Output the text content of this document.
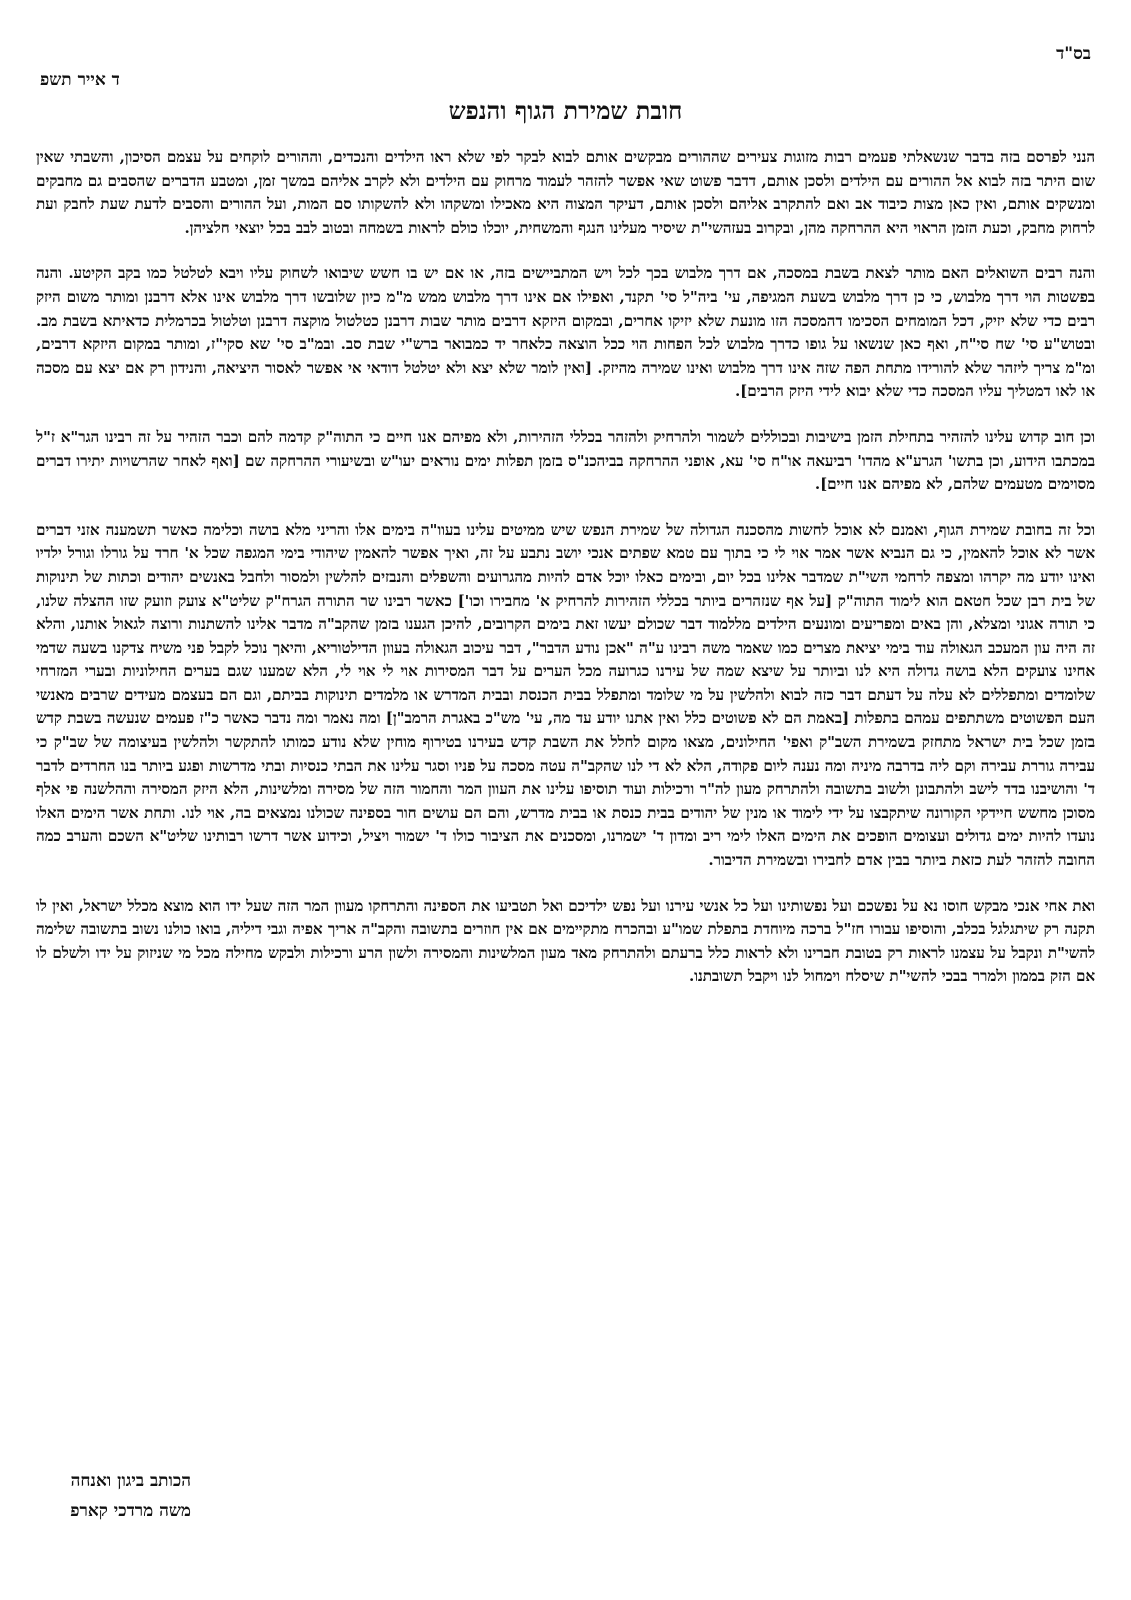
בס"ד
ד אייר תשפ
חובת שמירת הגוף והנפש

הנני לפרסם בזה בדבר שנשאלתי פעמים רבות מזוגות צעירים שההורים מבקשים אותם לבוא לבקר לפי שלא ראו הילדים והנכדים, וההורים לוקחים על עצמם הסיכון, והשבתי שאין שום היתר בזה לבוא אל ההורים עם הילדים ולסכן אותם, דדבר פשוט שאי אפשר להזהר לעמוד מרחוק עם הילדים ולא לקרב אליהם במשך זמן, ומטבע הדברים שהסבים גם מחבקים ומנשקים אותם, ואין כאן מצות כיבוד אב ואם להתקרב אליהם ולסכן אותם, דעיקר המצוה היא מאכילו ומשקהו ולא להשקותו סם המות, ועל ההורים והסבים לדעת שעת לחבק ועת לרחוק מחבק, וכעת הזמן הראוי היא ההרחקה מהן, ובקרוב בעזהשי"ת שיסיר מעלינו הנגף והמשחית, יוכלו כולם לראות בשמחה ובטוב לבב בכל יוצאי חלציהן.

והנה רבים השואלים האם מותר לצאת בשבת במסכה, אם דרך מלבוש בכך לכל ויש המתביישים בזה, או אם יש בו חשש שיבואו לשחוק עליו ויבא לטלטל כמו בקב הקיטע. והנה בפשטות הוי דרך מלבוש, כי כן דרך מלבוש בשעת המגיפה, עי' ביה"ל סי' תקנד, ואפילו אם אינו דרך מלבוש ממש מ"מ כיון שלובשו דרך מלבוש אינו אלא דרבנן ומותר משום היזק רבים כדי שלא יזיק, דכל המומחים הסכימו דהמסכה הזו מונעת שלא יזיקו אחרים, ובמקום היזקא דרבים מותר שבות דרבנן כטלטול מוקצה דרבנן וטלטול בכרמלית כדאיתא בשבת מב. ובטוש"ע סי' שח סי"ח, ואף כאן שנשאו על גופו כדרך מלבוש לכל הפחות הוי ככל הוצאה כלאחר יד כמבואר ברש"י שבת סב. ובמ"ב סי' שא סקי"ז, ומותר במקום היזקא דרבים, ומ"מ צריך ליזהר שלא להורידו מתחת הפה שזה אינו דרך מלבוש ואינו שמירה מהיזק. [ואין לומר שלא יצא ולא יטלטל דודאי אי אפשר לאסור היציאה, והנידון רק אם יצא עם מסכה או לאו דמטליך עליו המסכה כדי שלא יבוא לידי היזק הרבים].

וכן חוב קדוש עלינו להזהיר בתחילת הזמן בישיבות ובכוללים לשמור ולהרחיק ולהזהר בכללי הזהירות, ולא מפיהם אנו חיים כי התוה"ק קדמה להם וכבר הזהיר על זה רבינו הגר"א ז"ל במכתבו הידוע, וכן בתשו' הגרע"א מהדו' רביעאה או"ח סי' עא, אופני ההרחקה בביהכנ"ס בזמן תפלות ימים נוראים יעו"ש ובשיעורי ההרחקה שם [ואף לאחר שהרשויות יתירו דברים מסוימים מטעמים שלהם, לא מפיהם אנו חיים].

וכל זה בחובת שמירת הגוף, ואמנם לא אוכל לחשות מהסכנה הגדולה של שמירת הנפש שיש ממיטים עלינו בעוו"ה בימים אלו והריני מלא בושה וכלימה כאשר תשמענה אזני דברים אשר לא אוכל להאמין, כי גם הנביא אשר אמר אוי לי כי בתוך עם טמא שפתים אנכי יושב נתבע על זה, ואיך אפשר להאמין שיהודי בימי המגפה שכל א' חרד על גורלו וגורל ילדיו ואינו יודע מה יקרהו ומצפה לרחמי השי"ת שמדבר אלינו בכל יום, ובימים כאלו יוכל אדם להיות מהגרועים והשפלים והנבזים להלשין ולמסור ולחבל באנשים יהודים וכתות של תינוקות של בית רבן שכל חטאם הוא לימוד התוה"ק [על אף שנזהרים ביותר בכללי הזהירות להרחיק א' מחבירו וכו'] כאשר רבינו שר התורה הגרח"ק שליט"א צועק וזועק שזו ההצלה שלנו, כי תורה אגוני ומצלא, והן באים ומפריעים ומונעים הילדים מללמוד דבר שכולם יעשו זאת בימים הקרובים, להיכן הגענו בזמן שהקב"ה מדבר אלינו להשתנות ורוצה לגאול אותנו, והלא זה היה עון המעכב הגאולה עוד בימי יציאת מצרים כמו שאמר משה רבינו ע"ה "אכן נודע הדבר", דבר עיכוב הגאולה בעוון הדילטוריא, והיאך נוכל לקבל פני משיח צדקנו בשעה שדמי אחינו צועקים הלא בושה גדולה היא לנו וביותר על שיצא שמה של עירנו כגרועה מכל הערים על דבר המסירות אוי לי אוי לי, הלא שמענו שגם בערים החילוניות ובערי המזרחי שלומדים ומתפללים לא עלה על דעתם דבר כזה לבוא ולהלשין על מי שלומד ומתפלל בבית הכנסת ובבית המדרש או מלמדים תינוקות בביתם, וגם הם בעצמם מעידים שרבים מאנשי העם הפשוטים משתתפים עמהם בתפלות [באמת הם לא פשוטים כלל ואין אתנו יודע עד מה, עי' מש"כ באגרת הרמב"ן] ומה נאמר ומה נדבר כאשר כ"ז פעמים שנעשה בשבת קדש בזמן שכל בית ישראל מתחזק בשמירת השב"ק ואפי' החילונים, מצאו מקום לחלל את השבת קדש בעירנו בטירוף מוחין שלא נודע כמותו להתקשר ולהלשין בעיצומה של שב"ק כי עבירה גוררת עבירה וקם ליה בדרבה מיניה ומה נענה ליום פקודה, הלא לא די לנו שהקב"ה עטה מסכה על פניו וסגר עלינו את הבתי כנסיות ובתי מדרשות ופגע ביותר בנו החרדים לדבר ד' והושיבנו בדד לישב ולהתבונן ולשוב בתשובה ולהתרחק מעון לה"ר ורכילות ועוד תוסיפו עלינו את העוון המר והחמור הזה של מסירה ומלשינות, הלא היזק המסירה וההלשנה פי אלף מסוכן מחשש חיידקי הקורונה שיתקבצו על ידי לימוד או מנין של יהודים בבית כנסת או בבית מדרש, והם הם עושים חור בספינה שכולנו נמצאים בה, אוי לנו. ותחת אשר הימים האלו נועדו להיות ימים גדולים ועצומים הופכים את הימים האלו לימי ריב ומדון ד' ישמרנו, ומסכנים את הציבור כולו ד' ישמור ויציל, וכידוע אשר דרשו רבותינו שליט"א השכם והערב כמה החובה להזהר לעת כזאת ביותר בבין אדם לחבירו ובשמירת הדיבור.

ואת אחי אנכי מבקש חוסו נא על נפשכם ועל נפשותינו ועל כל אנשי עירנו ועל נפש ילדיכם ואל תטביעו את הספינה והתרחקו מעוון המר הזה שעל ידו הוא מוצא מכלל ישראל, ואין לו תקנה רק שיתגלגל בכלב, והוסיפו עבורו חז"ל ברכה מיוחדת בתפלת שמו"ע ובהכרח מתקיימים אם אין חוזרים בתשובה והקב"ה אריך אפיה וגבי דיליה, בואו כולנו נשוב בתשובה שלימה להשי"ת ונקבל על עצמנו לראות רק בטובת חברינו ולא לראות כלל ברעתם ולהתרחק מאד מעון המלשינות והמסירה ולשון הרע ורכילות ולבקש מחילה מכל מי שניזוק על ידו ולשלם לו אם הזק בממון ולמרר בבכי להשי"ת שיסלח וימחול לנו ויקבל תשובתנו.

הכותב ביגון ואנחה
משה מרדכי קארפ
